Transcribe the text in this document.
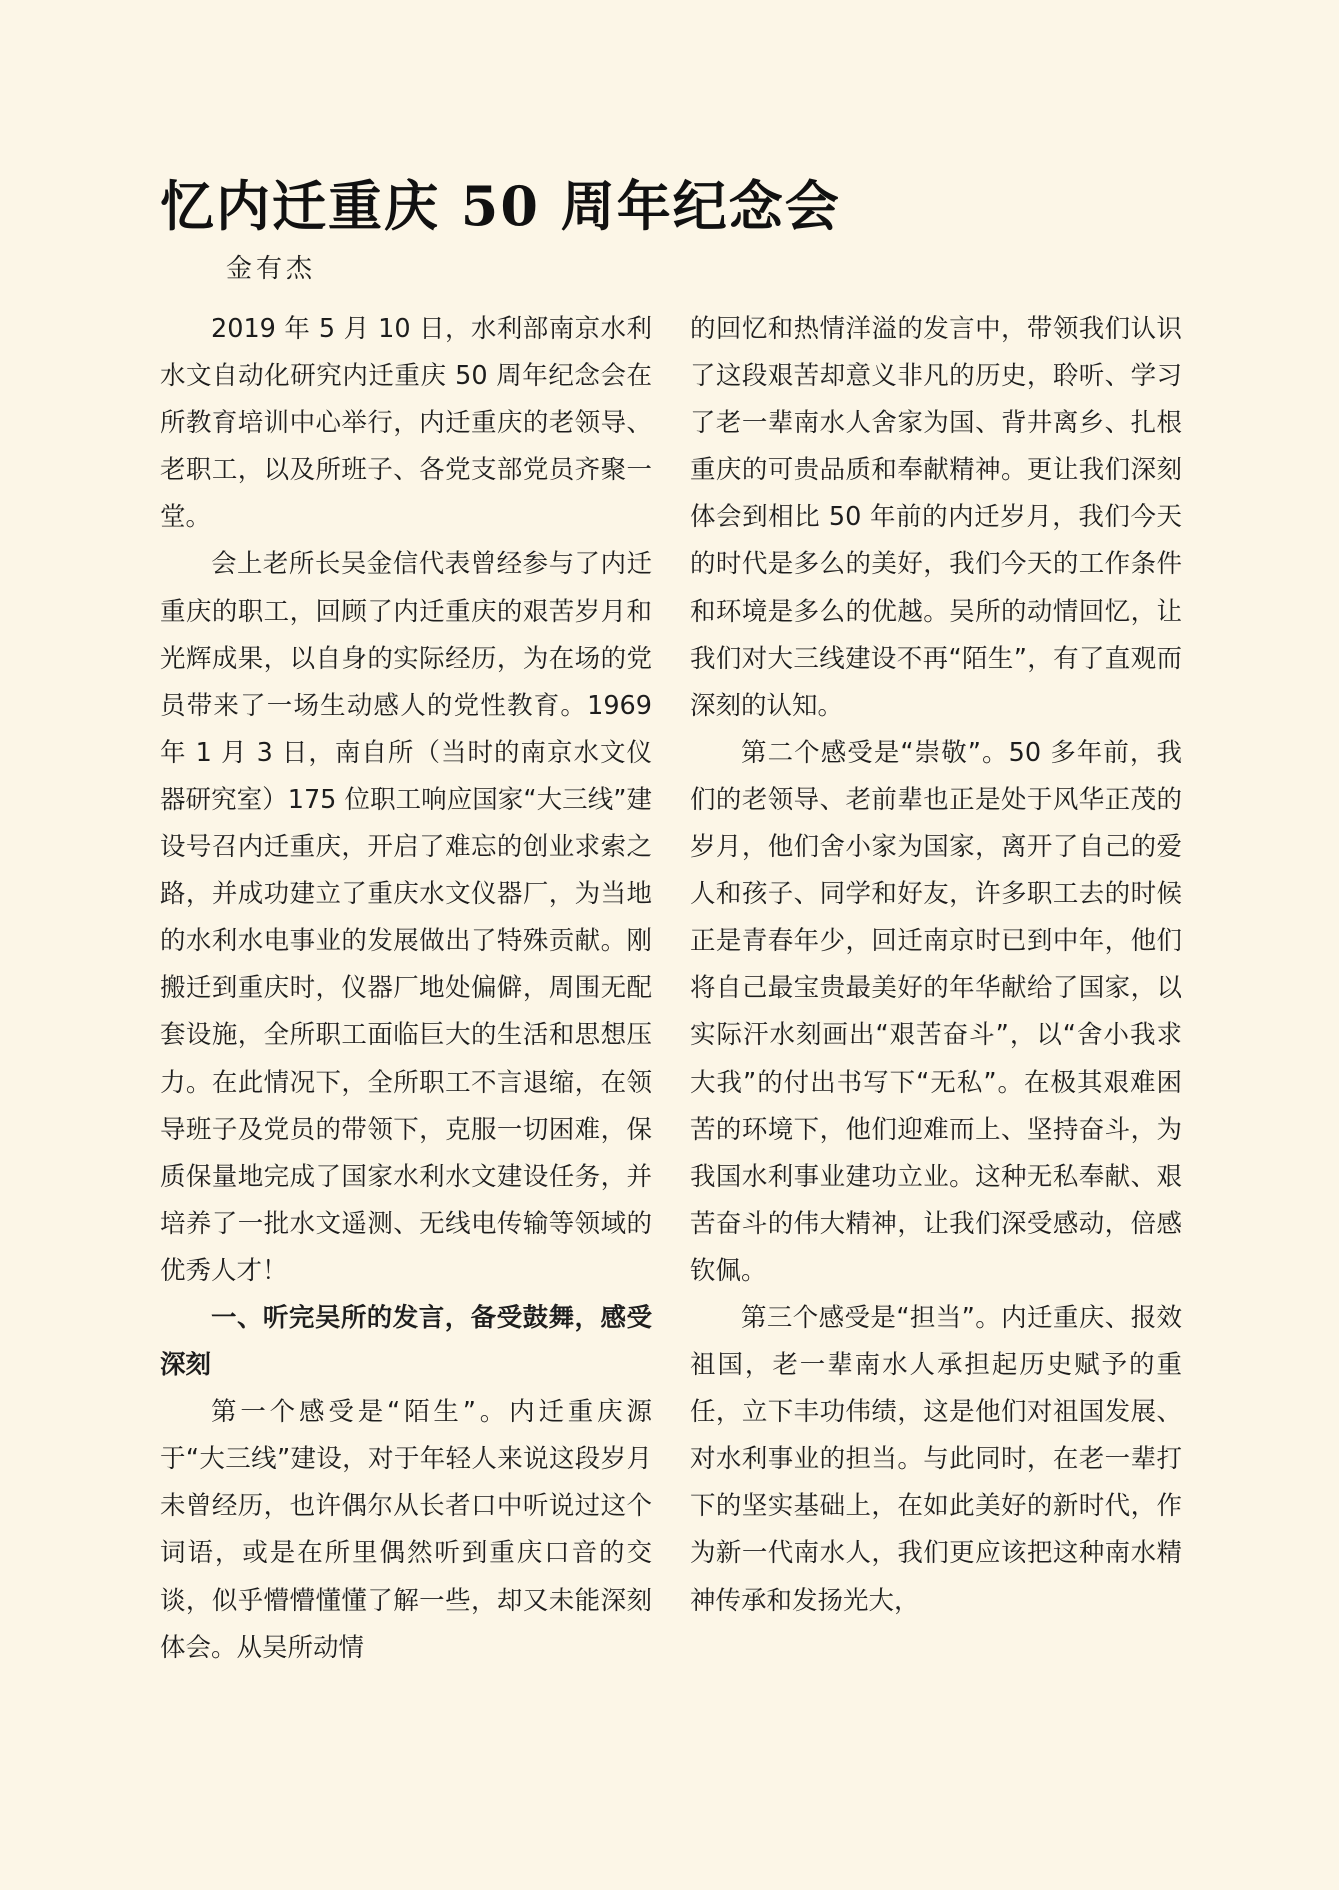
忆内迁重庆 50 周年纪念会
金有杰

2019 年 5 月 10 日，水利部南京水利水文自动化研究内迁重庆 50 周年纪念会在所教育培训中心举行，内迁重庆的老领导、老职工，以及所班子、各党支部党员齐聚一堂。

会上老所长吴金信代表曾经参与了内迁重庆的职工，回顾了内迁重庆的艰苦岁月和光辉成果，以自身的实际经历，为在场的党员带来了一场生动感人的党性教育。1969 年 1 月 3 日，南自所（当时的南京水文仪器研究室）175 位职工响应国家“大三线”建设号召内迁重庆，开启了难忘的创业求索之路，并成功建立了重庆水文仪器厂，为当地的水利水电事业的发展做出了特殊贡献。刚搬迁到重庆时，仪器厂地处偏僻，周围无配套设施，全所职工面临巨大的生活和思想压力。在此情况下，全所职工不言退缩，在领导班子及党员的带领下，克服一切困难，保质保量地完成了国家水利水文建设任务，并培养了一批水文遥测、无线电传输等领域的优秀人才！

一、听完吴所的发言，备受鼓舞，感受深刻

第一个感受是“陌生”。内迁重庆源于“大三线”建设，对于年轻人来说这段岁月未曾经历，也许偶尔从长者口中听说过这个词语，或是在所里偶然听到重庆口音的交谈，似乎懵懵懂懂了解一些，却又未能深刻体会。从吴所动情

的回忆和热情洋溢的发言中，带领我们认识了这段艰苦却意义非凡的历史，聆听、学习了老一辈南水人舍家为国、背井离乡、扎根重庆的可贵品质和奉献精神。更让我们深刻体会到相比 50 年前的内迁岁月，我们今天的时代是多么的美好，我们今天的工作条件和环境是多么的优越。吴所的动情回忆，让我们对大三线建设不再“陌生”，有了直观而深刻的认知。

第二个感受是“崇敬”。50 多年前，我们的老领导、老前辈也正是处于风华正茂的岁月，他们舍小家为国家，离开了自己的爱人和孩子、同学和好友，许多职工去的时候正是青春年少，回迁南京时已到中年，他们将自己最宝贵最美好的年华献给了国家，以实际汗水刻画出“艰苦奋斗”，以“舍小我求大我”的付出书写下“无私”。在极其艰难困苦的环境下，他们迎难而上、坚持奋斗，为我国水利事业建功立业。这种无私奉献、艰苦奋斗的伟大精神，让我们深受感动，倍感钦佩。

第三个感受是“担当”。内迁重庆、报效祖国，老一辈南水人承担起历史赋予的重任，立下丰功伟绩，这是他们对祖国发展、对水利事业的担当。与此同时，在老一辈打下的坚实基础上，在如此美好的新时代，作为新一代南水人，我们更应该把这种南水精神传承和发扬光大，
